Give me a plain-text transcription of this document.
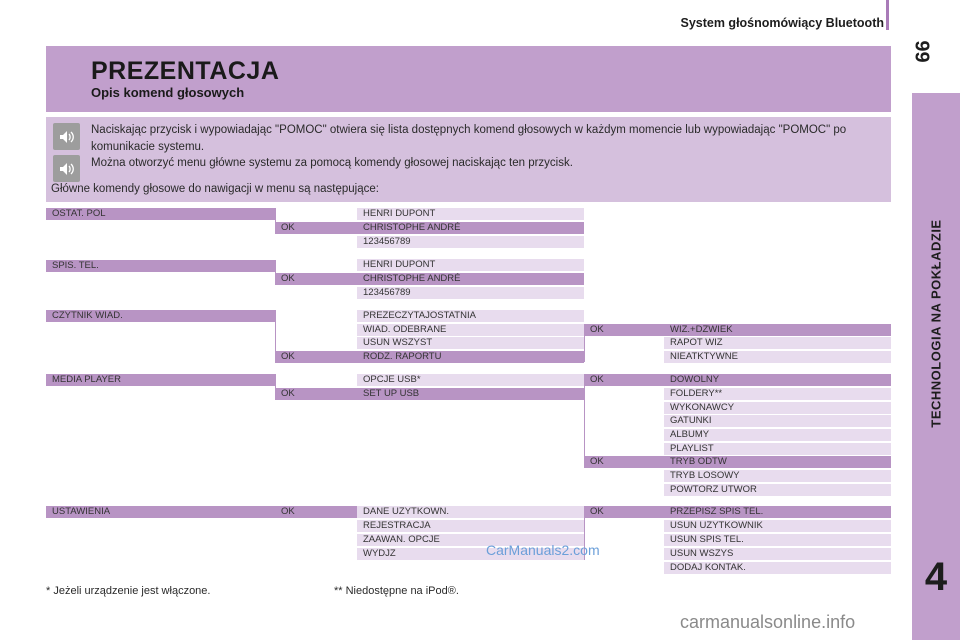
System głośnomówiący Bluetooth
99
TECHNOLOGIA NA POKŁADZIE
4
PREZENTACJA
Opis komend głosowych
Naciskając przycisk i wypowiadając "POMOC" otwiera się lista dostępnych komend głosowych w każdym momencie lub wypowiadając "POMOC" po komunikacie systemu.
Można otworzyć menu główne systemu za pomocą komendy głosowej naciskając ten przycisk.
Główne komendy głosowe do nawigacji w menu są następujące:
OSTAT. POL
SPIS. TEL.
CZYTNIK WIAD.
MEDIA PLAYER
USTAWIENIA
OK
OK
OK
OK
OK
HENRI DUPONT
CHRISTOPHE ANDRÉ
123456789
HENRI DUPONT
CHRISTOPHE ANDRÉ
123456789
PREZECZYTAJOSTATNIA
WIAD. ODEBRANE
USUN WSZYST
RODZ. RAPORTU
OPCJE USB*
SET UP USB
DANE UZYTKOWN.
REJESTRACJA
ZAAWAN. OPCJE
WYDJZ
OK
OK
OK
OK
WIZ.+DZWIEK
RAPOT WIZ
NIEATKTYWNE
DOWOLNY
FOLDERY**
WYKONAWCY
GATUNKI
ALBUMY
PLAYLIST
TRYB ODTW
TRYB LOSOWY
POWTORZ UTWOR
PRZEPISZ SPIS TEL.
USUN UZYTKOWNIK
USUN SPIS TEL.
USUN WSZYS
DODAJ KONTAK.
* Jeżeli urządzenie jest włączone.	** Niedostępne na iPod®.
CarManuals2.com
carmanualsonline.info
